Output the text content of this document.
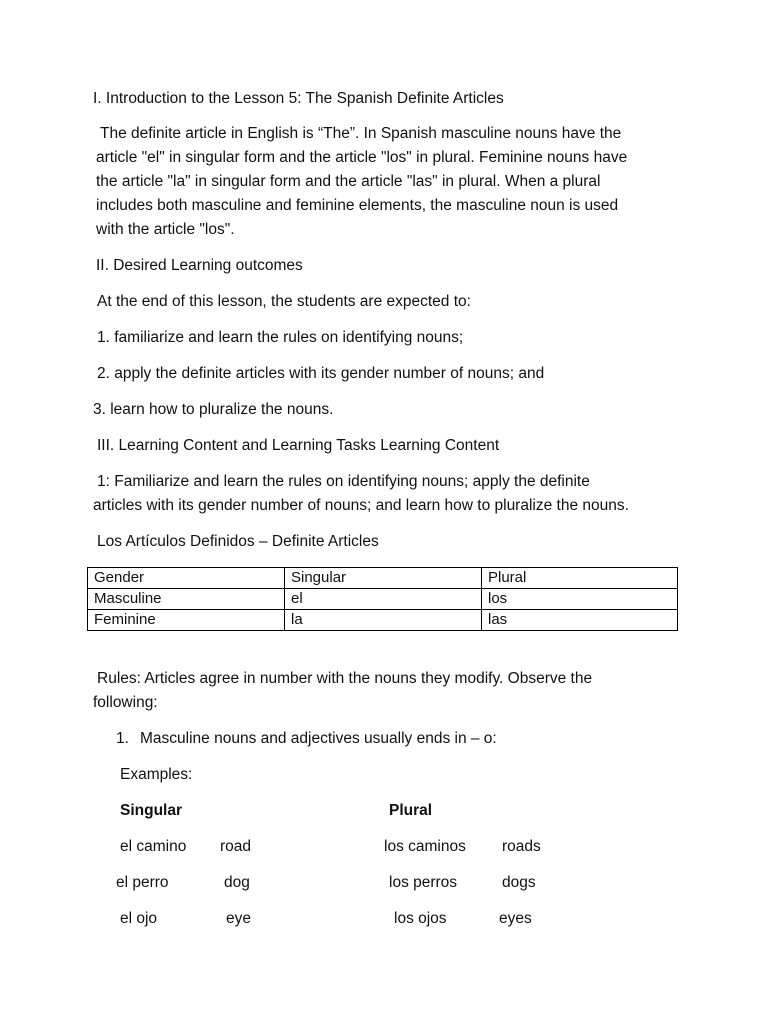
I. Introduction to the Lesson 5: The Spanish Definite Articles
The definite article in English is “The”. In Spanish masculine nouns have the
article "el" in singular form and the article "los" in plural. Feminine nouns have
the article "la" in singular form and the article "las" in plural. When a plural
includes both masculine and feminine elements, the masculine noun is used
with the article "los".
II. Desired Learning outcomes
At the end of this lesson, the students are expected to:
1. familiarize and learn the rules on identifying nouns;
2. apply the definite articles with its gender number of nouns; and
3. learn how to pluralize the nouns.
III. Learning Content and Learning Tasks Learning Content
1: Familiarize and learn the rules on identifying nouns; apply the definite
articles with its gender number of nouns; and learn how to pluralize the nouns.
Los Artículos Definidos – Definite Articles
Gender	Singular	Plural
Masculine	el	los
Feminine	la	las
Rules: Articles agree in number with the nouns they modify. Observe the
following:
1. Masculine nouns and adjectives usually ends in – o:
Examples:
Singular	Plural
el camino road	los caminos roads
el perro	dog	los perros	dogs
el ojo	eye	los ojos	eyes
